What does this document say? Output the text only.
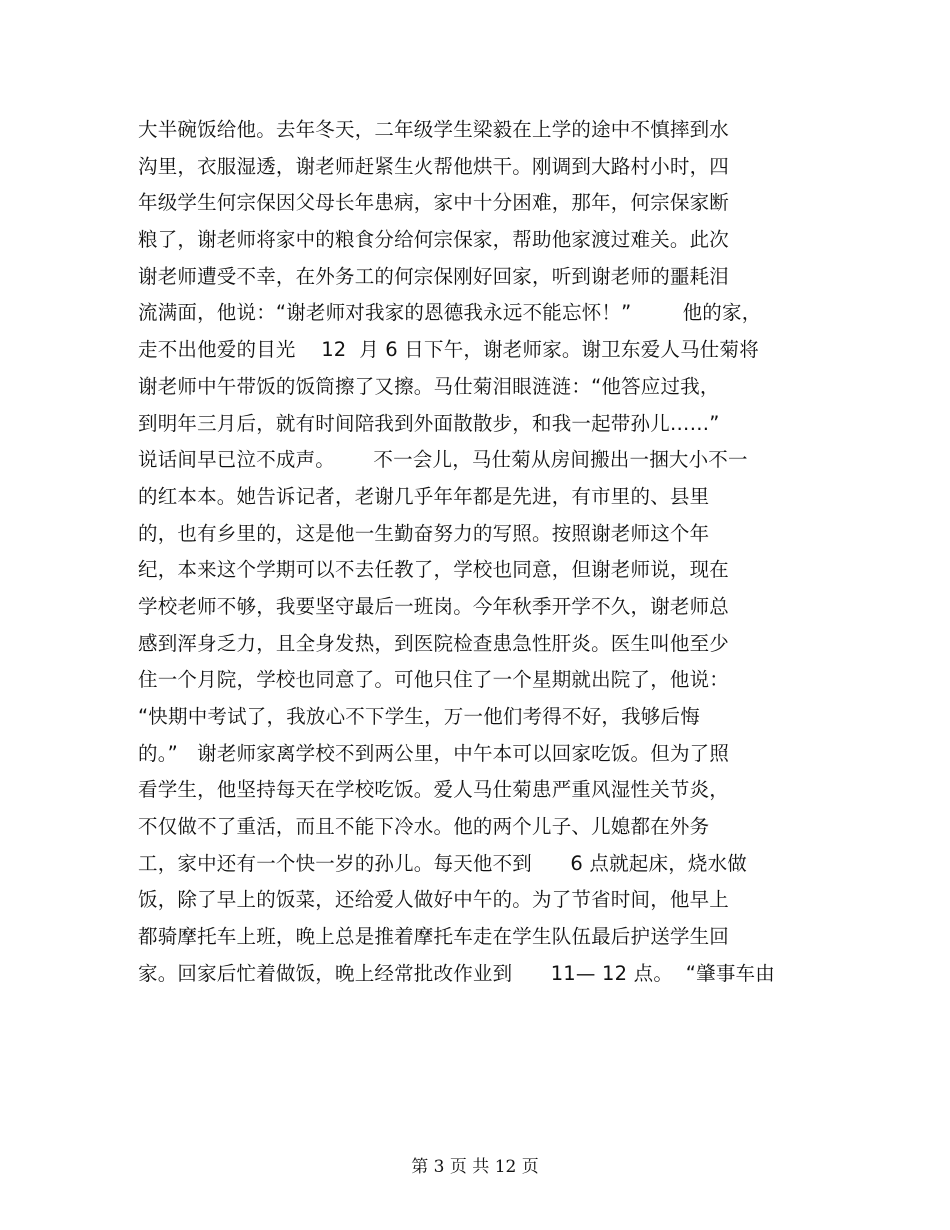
大半碗饭给他。去年冬天，二年级学生梁毅在上学的途中不慎摔到水
沟里，衣服湿透，谢老师赶紧生火帮他烘干。刚调到大路村小时，四
年级学生何宗保因父母长年患病，家中十分困难，那年，何宗保家断
粮了，谢老师将家中的粮食分给何宗保家，帮助他家渡过难关。此次
谢老师遭受不幸，在外务工的何宗保刚好回家，听到谢老师的噩耗泪
流满面，他说：“谢老师对我家的恩德我永远不能忘怀！”        他的家，
走不出他爱的目光    12  月 6 日下午，谢老师家。谢卫东爱人马仕菊将
谢老师中午带饭的饭筒擦了又擦。马仕菊泪眼涟涟：“他答应过我，
到明年三月后，就有时间陪我到外面散散步，和我一起带孙儿……”
说话间早已泣不成声。      不一会儿，马仕菊从房间搬出一捆大小不一
的红本本。她告诉记者，老谢几乎年年都是先进，有市里的、县里
的，也有乡里的，这是他一生勤奋努力的写照。按照谢老师这个年
纪，本来这个学期可以不去任教了，学校也同意，但谢老师说，现在
学校老师不够，我要坚守最后一班岗。今年秋季开学不久，谢老师总
感到浑身乏力，且全身发热，到医院检查患急性肝炎。医生叫他至少
住一个月院，学校也同意了。可他只住了一个星期就出院了，他说：
“快期中考试了，我放心不下学生，万一他们考得不好，我够后悔
的。”   谢老师家离学校不到两公里，中午本可以回家吃饭。但为了照
看学生，他坚持每天在学校吃饭。爱人马仕菊患严重风湿性关节炎，
不仅做不了重活，而且不能下冷水。他的两个儿子、儿媳都在外务
工，家中还有一个快一岁的孙儿。每天他不到      6 点就起床，烧水做
饭，除了早上的饭菜，还给爱人做好中午的。为了节省时间，他早上
都骑摩托车上班，晚上总是推着摩托车走在学生队伍最后护送学生回
家。回家后忙着做饭，晚上经常批改作业到      11— 12 点。  “肇事车由
第 3 页 共 12 页
